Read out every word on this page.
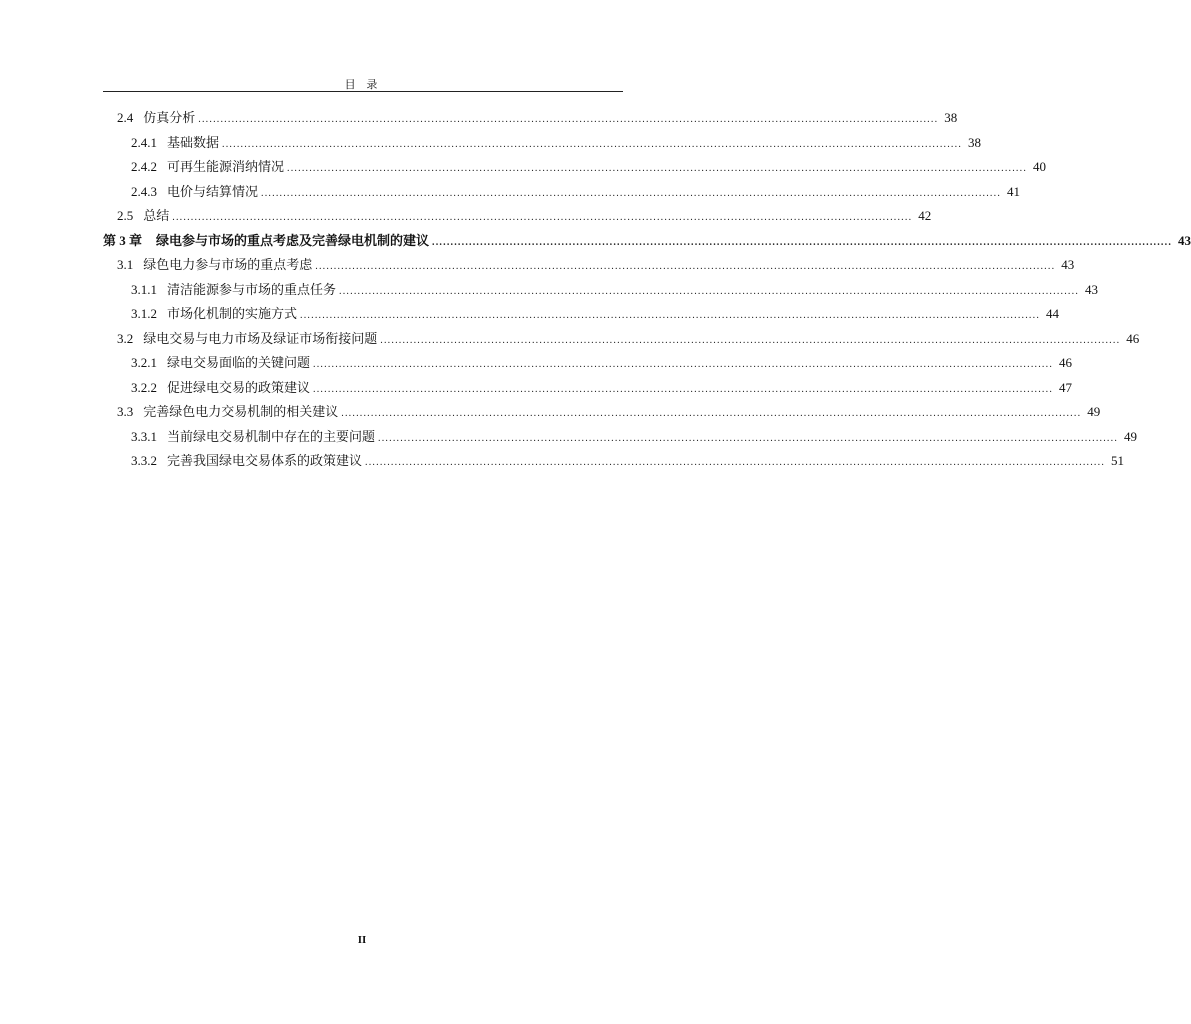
目 录
2.4 仿真分析 ........................................................................................................................................................................................................ 38
2.4.1 基础数据 ........................................................................................................................................................................................................ 38
2.4.2 可再生能源消纳情况 ........................................................................................................................................................................................................ 40
2.4.3 电价与结算情况 ........................................................................................................................................................................................................ 41
2.5 总结 ........................................................................................................................................................................................................ 42
第 3 章 绿电参与市场的重点考虑及完善绿电机制的建议 ........................................................................................................................................................................................................ 43
3.1 绿色电力参与市场的重点考虑 ........................................................................................................................................................................................................ 43
3.1.1 清洁能源参与市场的重点任务 ........................................................................................................................................................................................................ 43
3.1.2 市场化机制的实施方式 ........................................................................................................................................................................................................ 44
3.2 绿电交易与电力市场及绿证市场衔接问题 ........................................................................................................................................................................................................ 46
3.2.1 绿电交易面临的关键问题 ........................................................................................................................................................................................................ 46
3.2.2 促进绿电交易的政策建议 ........................................................................................................................................................................................................ 47
3.3 完善绿色电力交易机制的相关建议 ........................................................................................................................................................................................................ 49
3.3.1 当前绿电交易机制中存在的主要问题 ........................................................................................................................................................................................................ 49
3.3.2 完善我国绿电交易体系的政策建议 ........................................................................................................................................................................................................ 51
II
